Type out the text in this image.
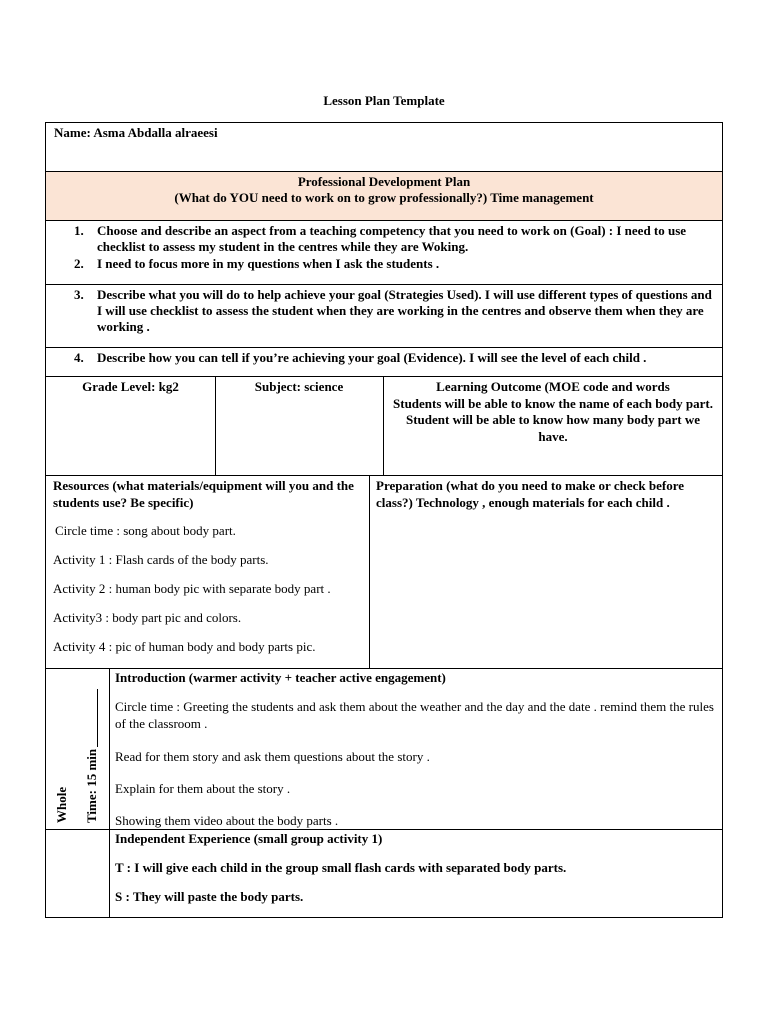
Lesson Plan Template
Name: Asma Abdalla alraeesi
Professional Development Plan
(What do YOU need to work on to grow professionally?) Time management
1. Choose and describe an aspect from a teaching competency that you need to work on (Goal) : I need to use checklist to assess my student in the centres while they are Woking.
2. I need to focus more in my questions when I ask the students .
3. Describe what you will do to help achieve your goal (Strategies Used). I will use different types of questions and I will use checklist to assess the student when they are working in the centres and observe them when they are working .
4. Describe how you can tell if you’re achieving your goal (Evidence). I will see the level of each child .
Grade Level: kg2	Subject: science	Learning Outcome (MOE code and words
Students will be able to know the name of each body part.
Student will be able to know how many body part we have.
Resources (what materials/equipment will you and the students use? Be specific)
Circle time : song about body part.
Activity 1 : Flash cards of the body parts.
Activity 2 : human body pic with separate body part .
Activity3 : body part pic and colors.
Activity 4 : pic of human body and body parts pic.
Preparation (what do you need to make or check before class?) Technology , enough materials for each child .
Whole Time: 15 min
Introduction (warmer activity + teacher active engagement)
Circle time : Greeting the students and ask them about the weather and the day and the date . remind them the rules of the classroom .
Read for them story and ask them questions about the story .
Explain for them about the story .
Showing them video about the body parts .
Independent Experience (small group activity 1)
T : I will give each child in the group small flash cards with separated body parts.
S : They will paste the body parts.
